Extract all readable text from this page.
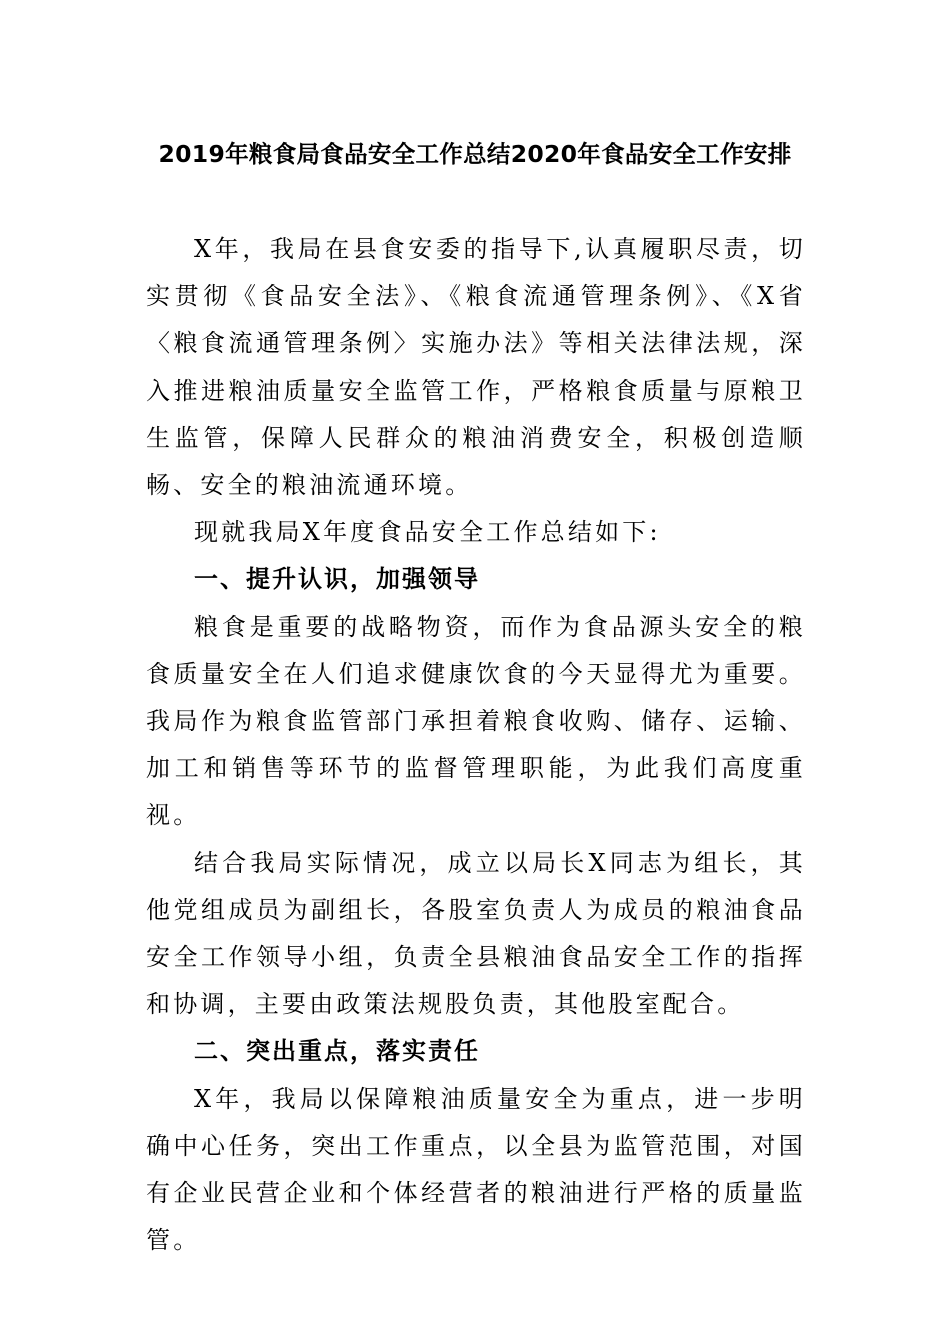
2019年粮食局食品安全工作总结2020年食品安全工作安排

X年，我局在县食安委的指导下,认真履职尽责，切实贯彻《食品安全法》、《粮食流通管理条例》、《X省〈粮食流通管理条例〉实施办法》等相关法律法规，深入推进粮油质量安全监管工作，严格粮食质量与原粮卫生监管，保障人民群众的粮油消费安全，积极创造顺畅、安全的粮油流通环境。

现就我局X年度食品安全工作总结如下:

一、提升认识，加强领导

粮食是重要的战略物资，而作为食品源头安全的粮食质量安全在人们追求健康饮食的今天显得尤为重要。我局作为粮食监管部门承担着粮食收购、储存、运输、加工和销售等环节的监督管理职能，为此我们高度重视。

结合我局实际情况，成立以局长X同志为组长，其他党组成员为副组长，各股室负责人为成员的粮油食品安全工作领导小组，负责全县粮油食品安全工作的指挥和协调，主要由政策法规股负责，其他股室配合。

二、突出重点，落实责任

X年，我局以保障粮油质量安全为重点，进一步明确中心任务，突出工作重点，以全县为监管范围，对国有企业民营企业和个体经营者的粮油进行严格的质量监管。
